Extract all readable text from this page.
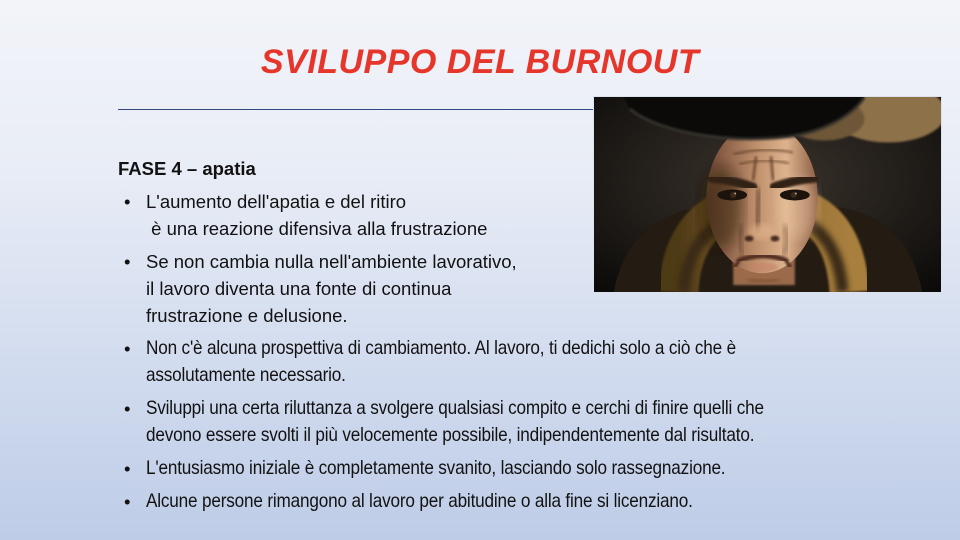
SVILUPPO DEL BURNOUT

FASE 4 – apatia

• L'aumento dell'apatia e del ritiro
è una reazione difensiva alla frustrazione
• Se non cambia nulla nell'ambiente lavorativo,
il lavoro diventa una fonte di continua
frustrazione e delusione.
• Non c'è alcuna prospettiva di cambiamento. Al lavoro, ti dedichi solo a ciò che è
assolutamente necessario.
• Sviluppi una certa riluttanza a svolgere qualsiasi compito e cerchi di finire quelli che
devono essere svolti il più velocemente possibile, indipendentemente dal risultato.
• L'entusiasmo iniziale è completamente svanito, lasciando solo rassegnazione.
• Alcune persone rimangono al lavoro per abitudine o alla fine si licenziano.
